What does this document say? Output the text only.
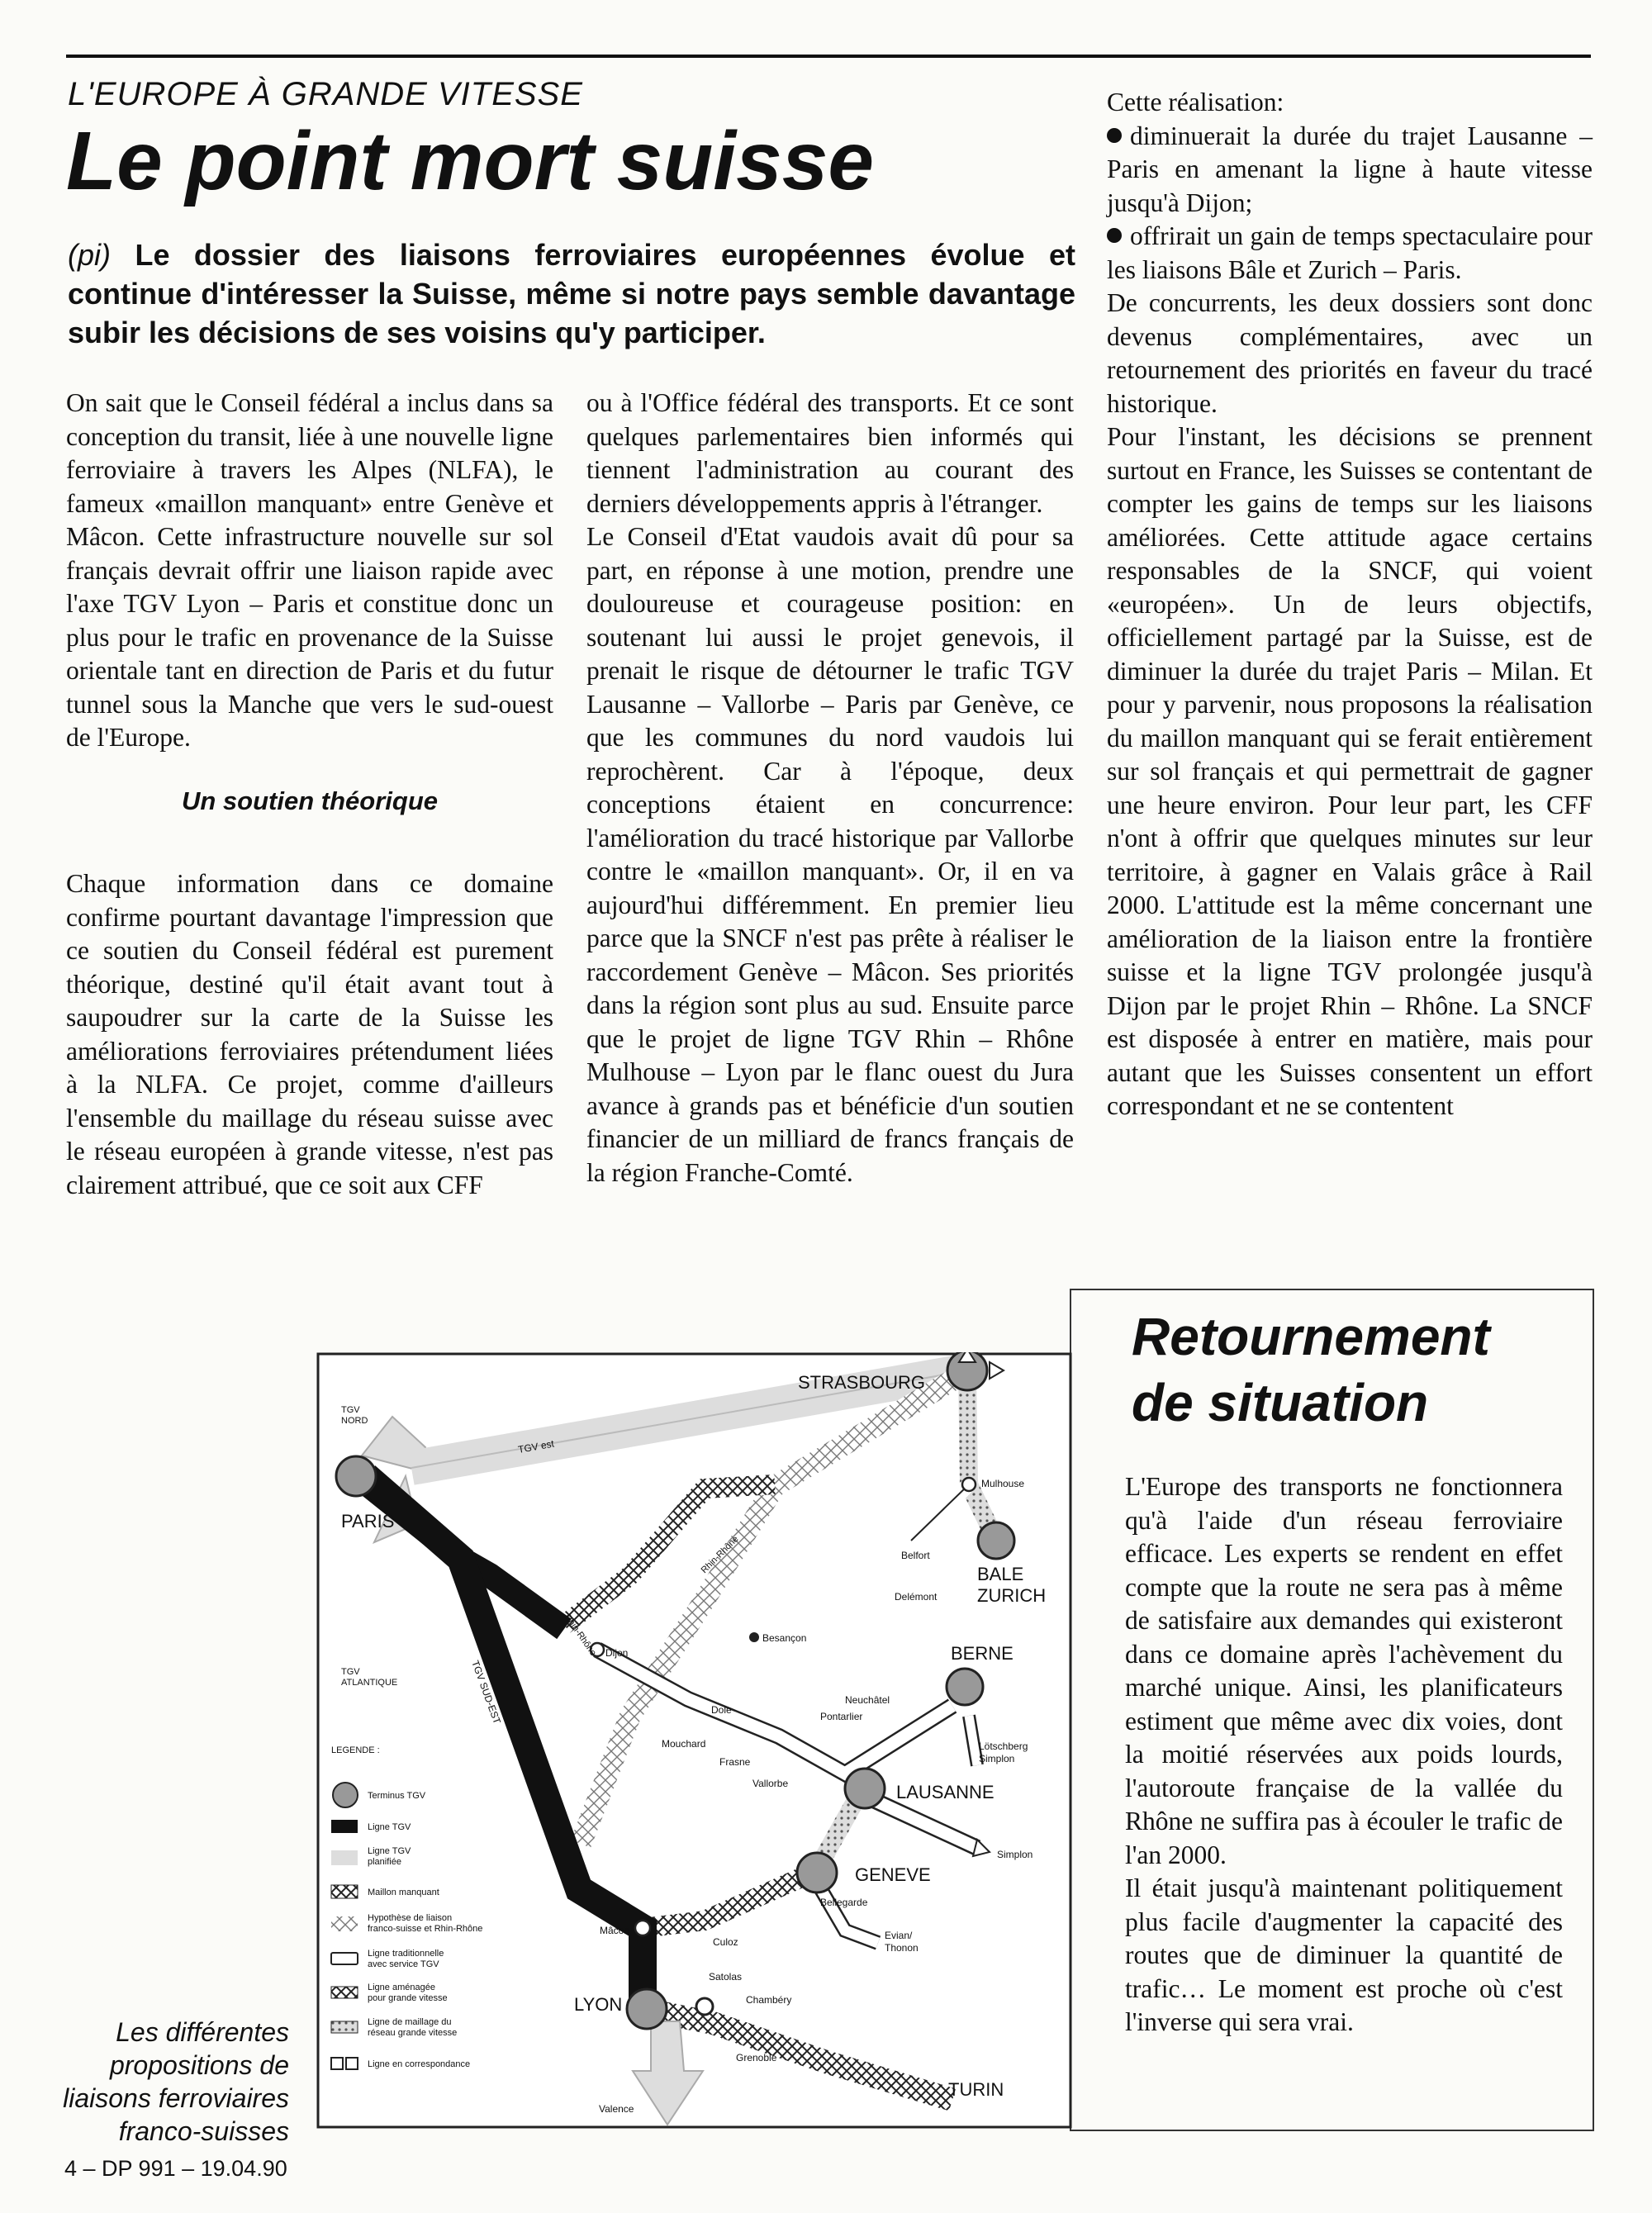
L'EUROPE À GRANDE VITESSE
Le point mort suisse
(pi) Le dossier des liaisons ferroviaires européennes évolue et continue d'intéresser la Suisse, même si notre pays semble davantage subir les décisions de ses voisins qu'y participer.

On sait que le Conseil fédéral a inclus dans sa conception du transit, liée à une nouvelle ligne ferroviaire à travers les Alpes (NLFA), le fameux «maillon manquant» entre Genève et Mâcon. Cette infrastructure nouvelle sur sol français devrait offrir une liaison rapide avec l'axe TGV Lyon – Paris et constitue donc un plus pour le trafic en provenance de la Suisse orientale tant en direction de Paris et du futur tunnel sous la Manche que vers le sud-ouest de l'Europe.

Un soutien théorique

Chaque information dans ce domaine confirme pourtant davantage l'impression que ce soutien du Conseil fédéral est purement théorique, destiné qu'il était avant tout à saupoudrer sur la carte de la Suisse les améliorations ferroviaires prétendument liées à la NLFA. Ce projet, comme d'ailleurs l'ensemble du maillage du réseau suisse avec le réseau européen à grande vitesse, n'est pas clairement attribué, que ce soit aux CFF

ou à l'Office fédéral des transports. Et ce sont quelques parlementaires bien informés qui tiennent l'administration au courant des derniers développements appris à l'étranger.

Le Conseil d'Etat vaudois avait dû pour sa part, en réponse à une motion, prendre une douloureuse et courageuse position: en soutenant lui aussi le projet genevois, il prenait le risque de détourner le trafic TGV Lausanne – Vallorbe – Paris par Genève, ce que les communes du nord vaudois lui reprochèrent. Car à l'époque, deux conceptions étaient en concurrence: l'amélioration du tracé historique par Vallorbe contre le «maillon manquant». Or, il en va aujourd'hui différemment. En premier lieu parce que la SNCF n'est pas prête à réaliser le raccordement Genève – Mâcon. Ses priorités dans la région sont plus au sud. Ensuite parce que le projet de ligne TGV Rhin – Rhône Mulhouse – Lyon par le flanc ouest du Jura avance à grands pas et bénéficie d'un soutien financier de un milliard de francs français de la région Franche-Comté.

Cette réalisation:

diminuerait la durée du trajet Lausanne – Paris en amenant la ligne à haute vitesse jusqu'à Dijon;

offrirait un gain de temps spectaculaire pour les liaisons Bâle et Zurich – Paris.

De concurrents, les deux dossiers sont donc devenus complémentaires, avec un retournement des priorités en faveur du tracé historique.

Pour l'instant, les décisions se prennent surtout en France, les Suisses se contentant de compter les gains de temps sur les liaisons améliorées. Cette attitude agace certains responsables de la SNCF, qui voient «européen». Un de leurs objectifs, officiellement partagé par la Suisse, est de diminuer la durée du trajet Paris – Milan. Et pour y parvenir, nous proposons la réalisation du maillon manquant qui se ferait entièrement sur sol français et qui permettrait de gagner une heure environ. Pour leur part, les CFF n'ont à offrir que quelques minutes sur leur territoire, à gagner en Valais grâce à Rail 2000. L'attitude est la même concernant une amélioration de la liaison entre la frontière suisse et la ligne TGV prolongée jusqu'à Dijon par le projet Rhin – Rhône. La SNCF est disposée à entrer en matière, mais pour autant que les Suisses consentent un effort correspondant et ne se contentent

Retournement
de situation

L'Europe des transports ne fonctionnera qu'à l'aide d'un réseau ferroviaire efficace. Les experts se rendent en effet compte que la route ne sera pas à même de satisfaire aux demandes qui existeront dans ce domaine après l'achèvement du marché unique. Ainsi, les planificateurs estiment que même avec dix voies, dont la moitié réservées aux poids lourds, l'autoroute française de la vallée du Rhône ne suffira pas à écouler le trafic de l'an 2000.

Il était jusqu'à maintenant politiquement plus facile d'augmenter la capacité des routes que de diminuer la quantité de trafic… Le moment est proche où c'est l'inverse qui sera vrai.

STRASBOURG
PARIS
BALE
ZURICH
BERNE
LAUSANNE
GENEVE
LYON
TURIN
Mulhouse
Belfort
Delémont
Besançon
Dijon
Dole
Mouchard
Frasne
Vallorbe
Neuchâtel
Pontarlier
Lötschberg
Simplon
Simplon
Mâcon
Bellegarde
Evian/
Thonon
Culoz
Satolas
Chambéry
Grenoble
Valence
TGV
NORD
TGV
ATLANTIQUE
TGV est
TGV SUD-EST
Rhin-Rhône
Rhin-Rhône
LEGENDE :
Terminus TGV
Ligne TGV
Ligne TGV
planifiée
Maillon manquant
Hypothèse de liaison
franco-suisse et Rhin-Rhône
Ligne traditionnelle
avec service TGV
Ligne aménagée
pour grande vitesse
Ligne de maillage du
réseau grande vitesse
Ligne en correspondance
Les différentes
propositions de
liaisons ferroviaires
franco-suisses
4 – DP 991 – 19.04.90
